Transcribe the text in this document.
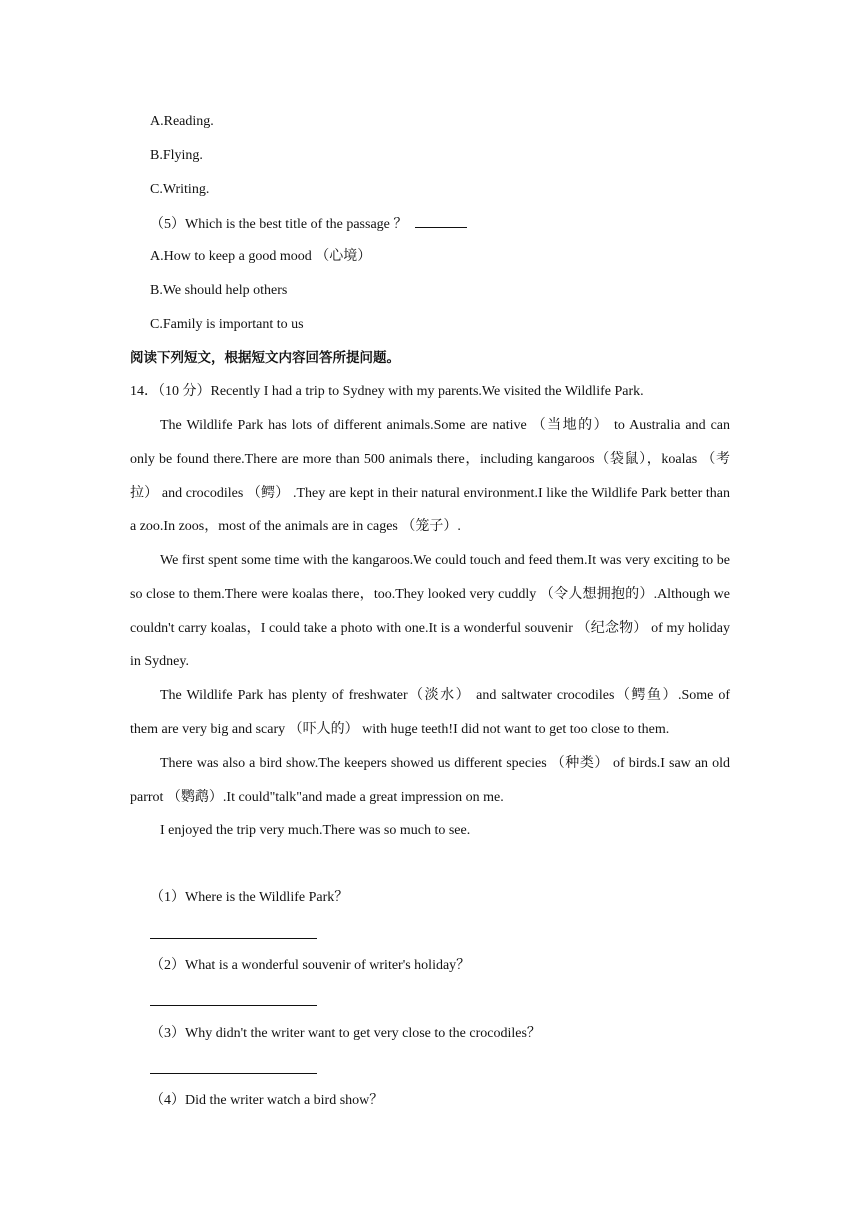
A.Reading.
B.Flying.
C.Writing.
（5）Which is the best title of the passage ？
A.How to keep a good mood （心境）
B.We should help others
C.Family is important to us
阅读下列短文，根据短文内容回答所提问题。
14．（10 分）Recently I had a trip to Sydney with my parents.We visited the Wildlife Park.
The Wildlife Park has lots of different animals.Some are native （当地的） to Australia and can only be found there.There are more than 500 animals there，including kangaroos（袋鼠），koalas （考拉） and crocodiles （鳄） .They are kept in their natural environment.I like the Wildlife Park better than a zoo.In zoos，most of the animals are in cages （笼子）.
We first spent some time with the kangaroos.We could touch and feed them.It was very exciting to be so close to them.There were koalas there，too.They looked very cuddly （令人想拥抱的）.Although we couldn't carry koalas，I could take a photo with one.It is a wonderful souvenir （纪念物） of my holiday in Sydney.
The Wildlife Park has plenty of freshwater（淡水） and saltwater crocodiles（鳄鱼）.Some of them are very big and scary （吓人的） with huge teeth!I did not want to get too close to them.
There was also a bird show.The keepers showed us different species （种类） of birds.I saw an old parrot （鹦鹉）.It could"talk"and made a great impression on me.
I enjoyed the trip very much.There was so much to see.
（1）Where is the Wildlife Park？
（2）What is a wonderful souvenir of writer's holiday？
（3）Why didn't the writer want to get very close to the crocodiles？
（4）Did the writer watch a bird show？
